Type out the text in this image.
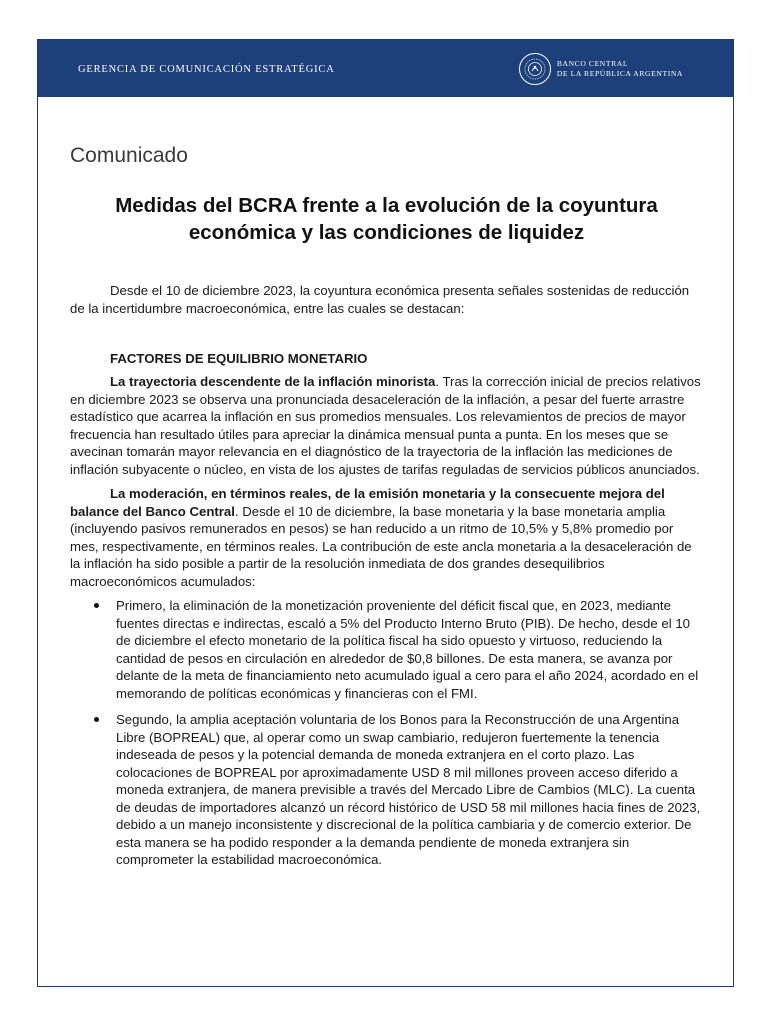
GERENCIA DE COMUNICACIÓN ESTRATÉGICA
BANCO CENTRAL
DE LA REPÚBLICA ARGENTINA
Comunicado
Medidas del BCRA frente a la evolución de la coyuntura económica y las condiciones de liquidez

Desde el 10 de diciembre 2023, la coyuntura económica presenta señales sostenidas de reducción de la incertidumbre macroeconómica, entre las cuales se destacan:

FACTORES DE EQUILIBRIO MONETARIO

La trayectoria descendente de la inflación minorista. Tras la corrección inicial de precios relativos en diciembre 2023 se observa una pronunciada desaceleración de la inflación, a pesar del fuerte arrastre estadístico que acarrea la inflación en sus promedios mensuales. Los relevamientos de precios de mayor frecuencia han resultado útiles para apreciar la dinámica mensual punta a punta. En los meses que se avecinan tomarán mayor relevancia en el diagnóstico de la trayectoria de la inflación las mediciones de inflación subyacente o núcleo, en vista de los ajustes de tarifas reguladas de servicios públicos anunciados.

La moderación, en términos reales, de la emisión monetaria y la consecuente mejora del balance del Banco Central. Desde el 10 de diciembre, la base monetaria y la base monetaria amplia (incluyendo pasivos remunerados en pesos) se han reducido a un ritmo de 10,5% y 5,8% promedio por mes, respectivamente, en términos reales. La contribución de este ancla monetaria a la desaceleración de la inflación ha sido posible a partir de la resolución inmediata de dos grandes desequilibrios macroeconómicos acumulados:

Primero, la eliminación de la monetización proveniente del déficit fiscal que, en 2023, mediante fuentes directas e indirectas, escaló a 5% del Producto Interno Bruto (PIB). De hecho, desde el 10 de diciembre el efecto monetario de la política fiscal ha sido opuesto y virtuoso, reduciendo la cantidad de pesos en circulación en alrededor de $0,8 billones. De esta manera, se avanza por delante de la meta de financiamiento neto acumulado igual a cero para el año 2024, acordado en el memorando de políticas económicas y financieras con el FMI.
Segundo, la amplia aceptación voluntaria de los Bonos para la Reconstrucción de una Argentina Libre (BOPREAL) que, al operar como un swap cambiario, redujeron fuertemente la tenencia indeseada de pesos y la potencial demanda de moneda extranjera en el corto plazo. Las colocaciones de BOPREAL por aproximadamente USD 8 mil millones proveen acceso diferido a moneda extranjera, de manera previsible a través del Mercado Libre de Cambios (MLC). La cuenta de deudas de importadores alcanzó un récord histórico de USD 58 mil millones hacia fines de 2023, debido a un manejo inconsistente y discrecional de la política cambiaria y de comercio exterior. De esta manera se ha podido responder a la demanda pendiente de moneda extranjera sin comprometer la estabilidad macroeconómica.
